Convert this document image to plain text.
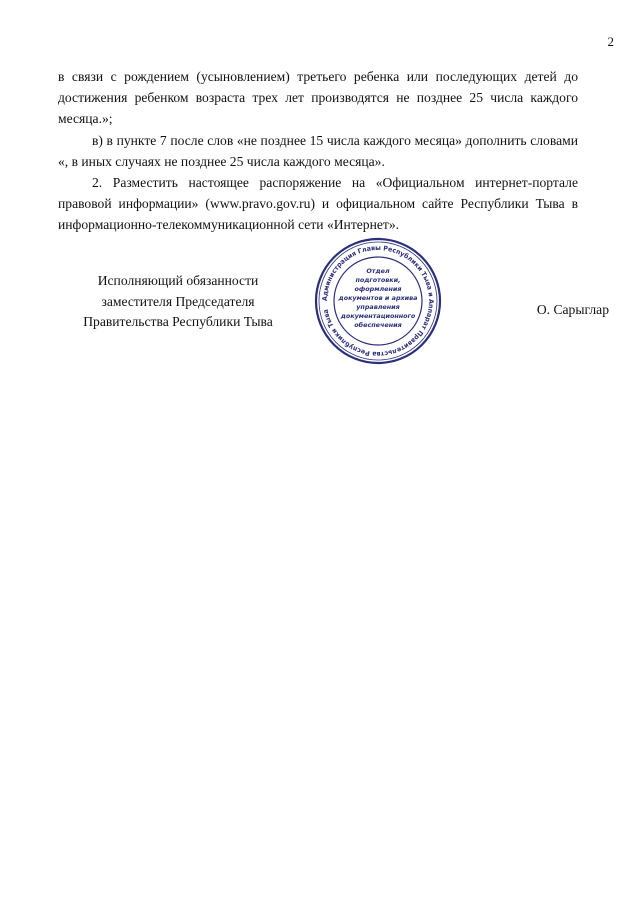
2

в связи с рождением (усыновлением) третьего ребенка или последующих детей до достижения ребенком возраста трех лет производятся не позднее 25 числа каждого месяца.»;

в) в пункте 7 после слов «не позднее 15 числа каждого месяца» дополнить словами «, в иных случаях не позднее 25 числа каждого месяца».

2. Разместить настоящее распоряжение на «Официальном интернет-портале правовой информации» (www.pravo.gov.ru) и официальном сайте Республики Тыва в информационно-телекоммуникационной сети «Интернет».

Исполняющий обязанности
заместителя Председателя
Правительства Республики Тыва
Администрация Главы Республики Тыва и Аппарат Правительства Республики Тыва
Отдел
подготовки,
оформления
документов и архива
управления
документационного
обеспечения
О. Сарыглар
